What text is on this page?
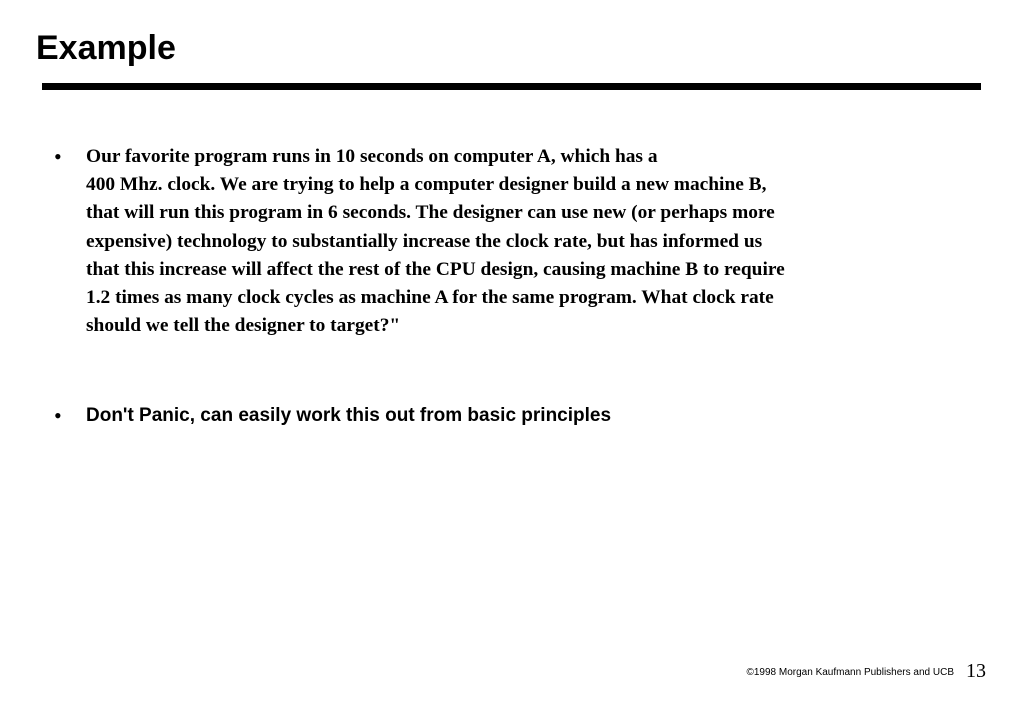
Example
• Our favorite program runs in 10 seconds on computer A, which has a
400 Mhz. clock. We are trying to help a computer designer build a new machine B,
that will run this program in 6 seconds. The designer can use new (or perhaps more
expensive) technology to substantially increase the clock rate, but has informed us
that this increase will affect the rest of the CPU design, causing machine B to require
1.2 times as many clock cycles as machine A for the same program. What clock rate
should we tell the designer to target?"

• Don't Panic, can easily work this out from basic principles

©1998 Morgan Kaufmann Publishers and UCB 13
